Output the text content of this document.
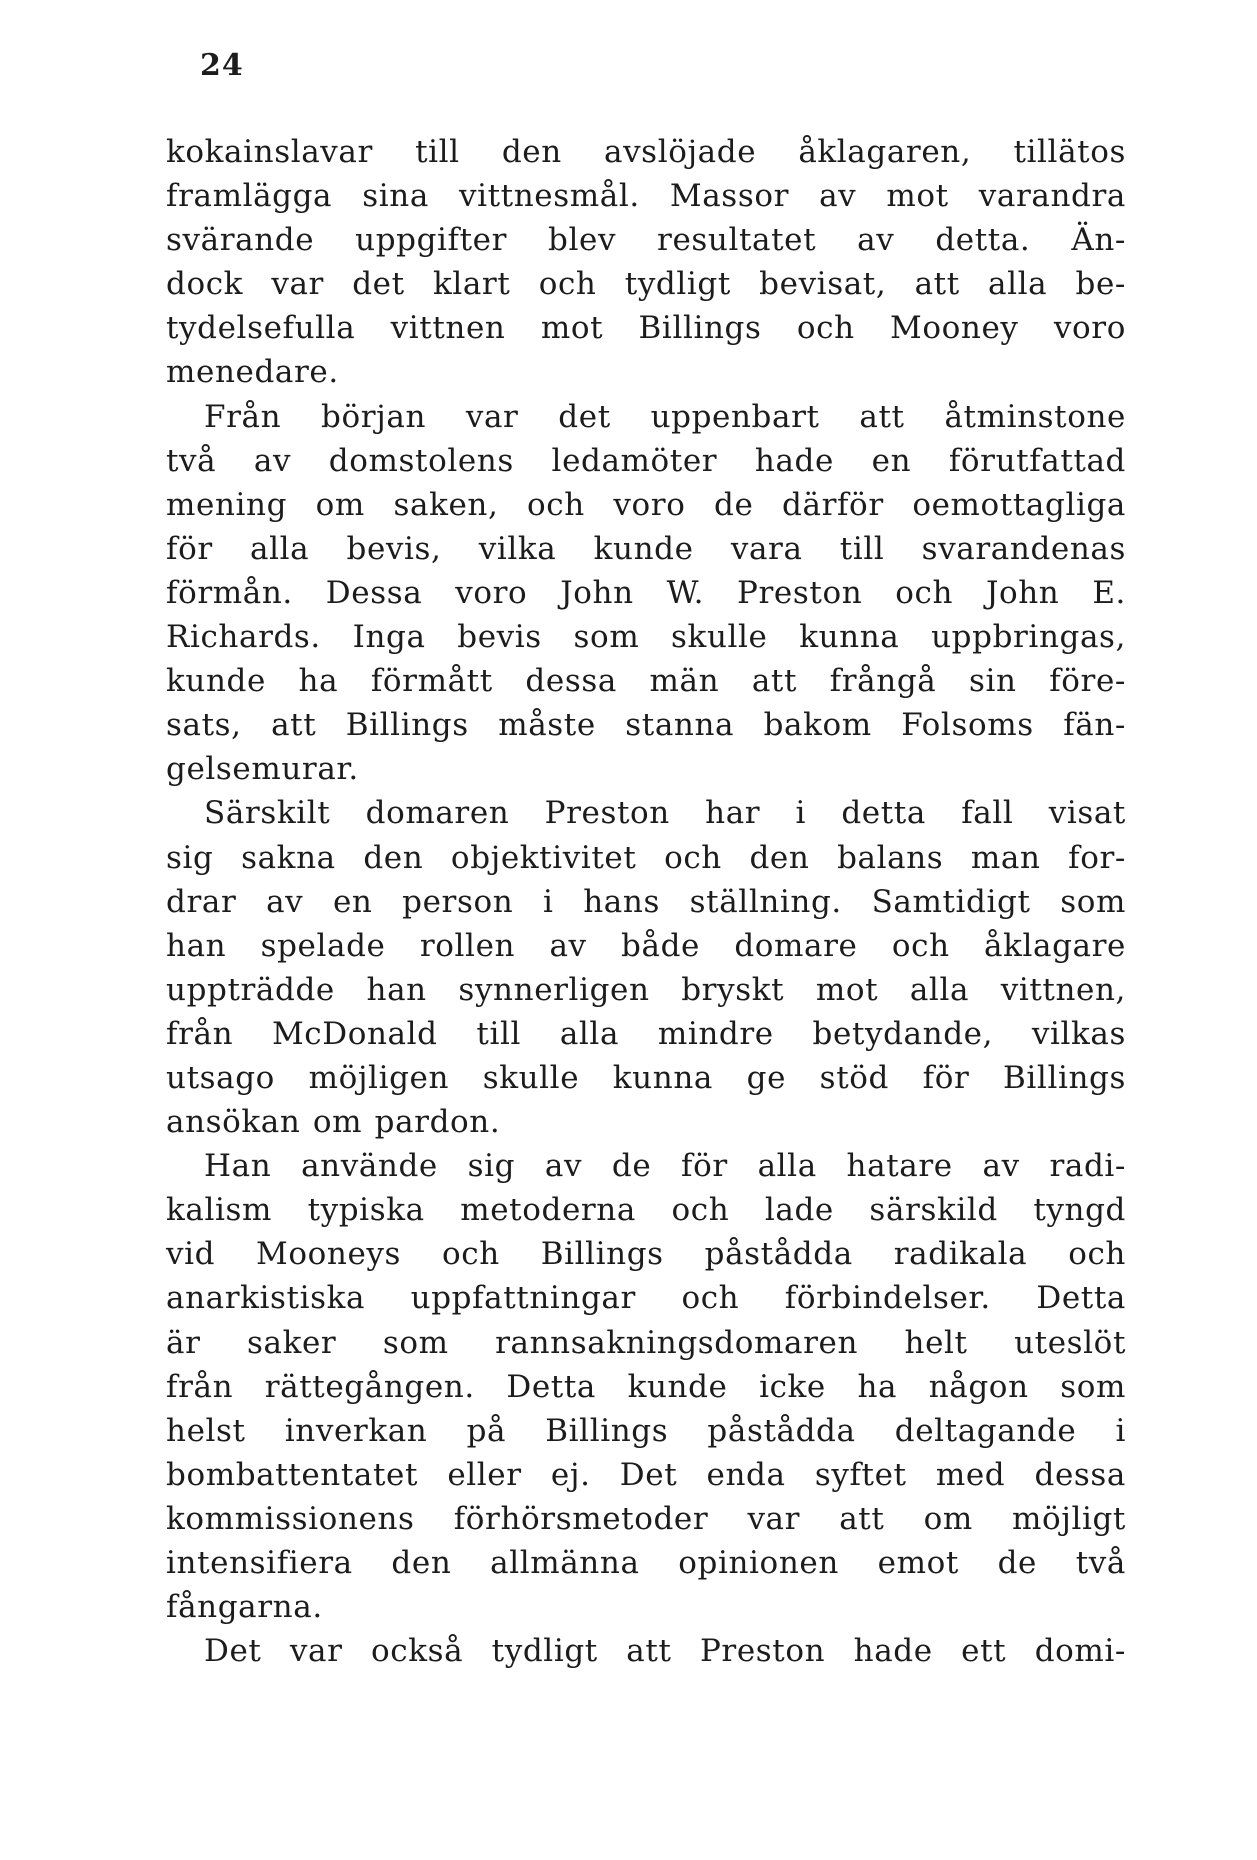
24
kokainslavar till den avslöjade åklagaren, tillätos
framlägga sina vittnesmål. Massor av mot varandra
svärande uppgifter blev resultatet av detta. Än-
dock var det klart och tydligt bevisat, att alla be-
tydelsefulla vittnen mot Billings och Mooney voro
menedare.
Från början var det uppenbart att åtminstone
två av domstolens ledamöter hade en förutfattad
mening om saken, och voro de därför oemottagliga
för alla bevis, vilka kunde vara till svarandenas
förmån. Dessa voro John W. Preston och John E.
Richards. Inga bevis som skulle kunna uppbringas,
kunde ha förmått dessa män att frångå sin före-
sats, att Billings måste stanna bakom Folsoms fän-
gelsemurar.
Särskilt domaren Preston har i detta fall visat
sig sakna den objektivitet och den balans man for-
drar av en person i hans ställning. Samtidigt som
han spelade rollen av både domare och åklagare
uppträdde han synnerligen bryskt mot alla vittnen,
från McDonald till alla mindre betydande, vilkas
utsago möjligen skulle kunna ge stöd för Billings
ansökan om pardon.
Han använde sig av de för alla hatare av radi-
kalism typiska metoderna och lade särskild tyngd
vid Mooneys och Billings påstådda radikala och
anarkistiska uppfattningar och förbindelser. Detta
är saker som rannsakningsdomaren helt uteslöt
från rättegången. Detta kunde icke ha någon som
helst inverkan på Billings påstådda deltagande i
bombattentatet eller ej. Det enda syftet med dessa
kommissionens förhörsmetoder var att om möjligt
intensifiera den allmänna opinionen emot de två
fångarna.
Det var också tydligt att Preston hade ett domi-
